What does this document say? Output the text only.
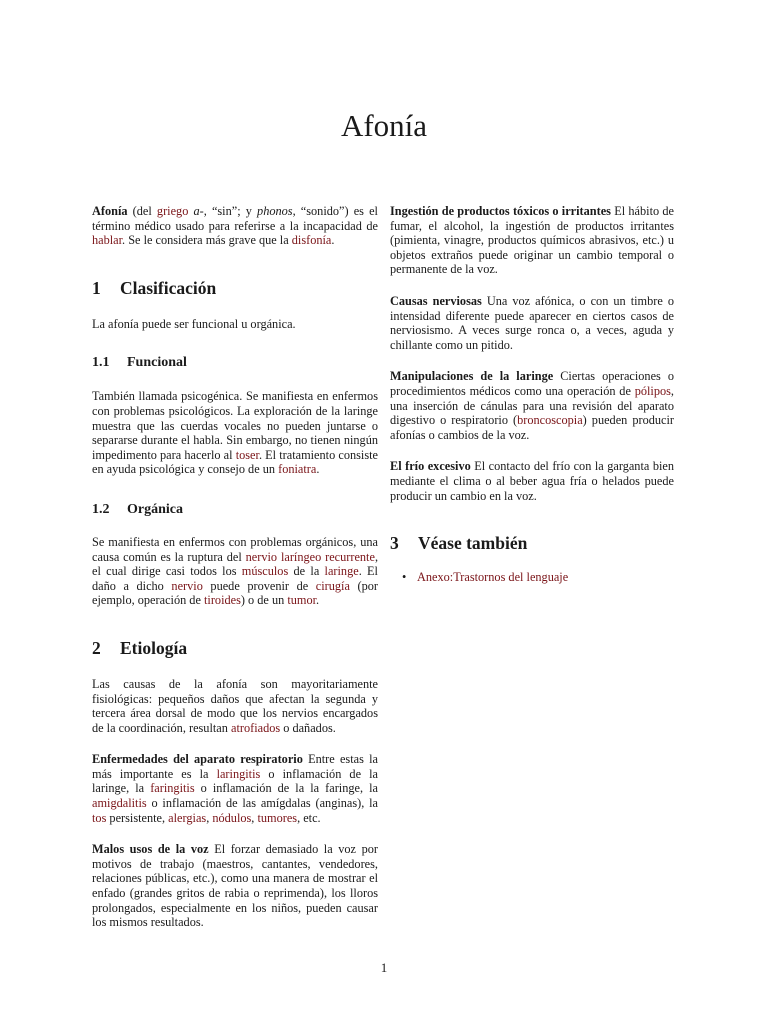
Afonía

Afonía (del griego a-, “sin”; y phonos, “sonido”) es el término médico usado para referirse a la incapacidad de hablar. Se le considera más grave que la disfonía.

1	Clasificación

La afonía puede ser funcional u orgánica.

1.1	Funcional

También llamada psicogénica. Se manifiesta en enfermos con problemas psicológicos. La exploración de la laringe muestra que las cuerdas vocales no pueden juntarse o separarse durante el habla. Sin embargo, no tienen ningún impedimento para hacerlo al toser. El tratamiento consiste en ayuda psicológica y consejo de un foniatra.

1.2	Orgánica

Se manifiesta en enfermos con problemas orgánicos, una causa común es la ruptura del nervio laríngeo recurrente, el cual dirige casi todos los músculos de la laringe. El daño a dicho nervio puede provenir de cirugía (por ejemplo, operación de tiroides) o de un tumor.

2	Etiología

Las causas de la afonía son mayoritariamente fisiológicas: pequeños daños que afectan la segunda y tercera área dorsal de modo que los nervios encargados de la coordinación, resultan atrofiados o dañados.

Enfermedades del aparato respiratorio Entre estas la más importante es la laringitis o inflamación de la laringe, la faringitis o inflamación de la la faringe, la amigdalitis o inflamación de las amígdalas (anginas), la tos persistente, alergias, nódulos, tumores, etc.
Malos usos de la voz El forzar demasiado la voz por motivos de trabajo (maestros, cantantes, vendedores, relaciones públicas, etc.), como una manera de mostrar el enfado (grandes gritos de rabia o reprimenda), los lloros prolongados, especialmente en los niños, pueden causar los mismos resultados.
Ingestión de productos tóxicos o irritantes El hábito de fumar, el alcohol, la ingestión de productos irritantes (pimienta, vinagre, productos químicos abrasivos, etc.) u objetos extraños puede originar un cambio temporal o permanente de la voz.
Causas nerviosas Una voz afónica, o con un timbre o intensidad diferente puede aparecer en ciertos casos de nerviosismo. A veces surge ronca o, a veces, aguda y chillante como un pitido.
Manipulaciones de la laringe Ciertas operaciones o procedimientos médicos como una operación de pólipos, una inserción de cánulas para una revisión del aparato digestivo o respiratorio (broncoscopia) pueden producir afonías o cambios de la voz.
El frío excesivo El contacto del frío con la garganta bien mediante el clima o al beber agua fría o helados puede producir un cambio en la voz.
3	Véase también
• Anexo:Trastornos del lenguaje
1
